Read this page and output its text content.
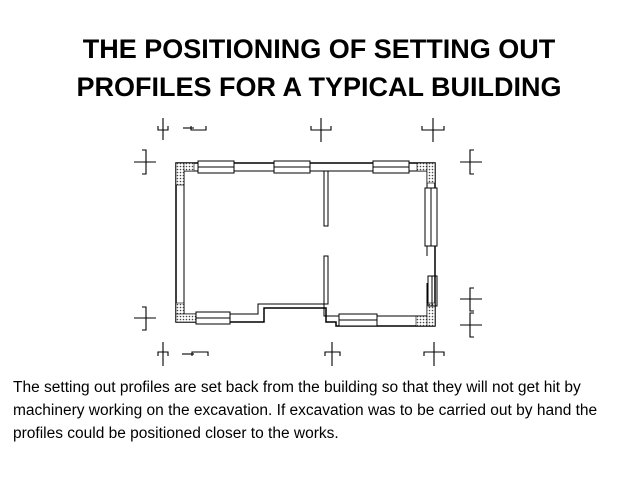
THE POSITIONING OF SETTING OUT
PROFILES FOR A TYPICAL BUILDING
The setting out profiles are set back from the building so that they will not get hit by machinery working on the excavation. If excavation was to be carried out by hand the profiles could be positioned closer to the works.
